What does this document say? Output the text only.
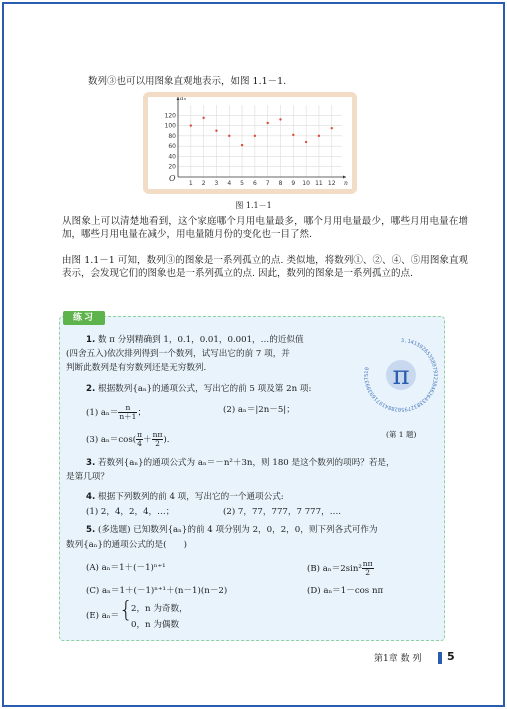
数列③也可以用图象直观地表示，如图 1.1－1.
1 2 3 4 5 6 7 8 9 10 11 12
20
40
60
80
100
120
n
aₙ
O
图 1.1－1
从图象上可以清楚地看到，这个家庭哪个月用电量最多，哪个月用电量最少，哪些月用电量在增加，哪些月用电量在减少，用电量随月份的变化也一目了然.
由图 1.1－1 可知，数列③的图象是一系列孤立的点. 类似地，将数列①、②、④、⑤用图象直观表示，会发现它们的图象也是一系列孤立的点. 因此，数列的图象是一系列孤立的点.
练习
1. 数 π 分别精确到 1，0.1，0.01，0.001，…的近似值
(四舍五入)依次排列得到一个数列，试写出它的前 7 项，并
判断此数列是有穷数列还是无穷数列.
3.14159265358979323846264338327950288419716939937510 π
(第 1 题)
2. 根据数列{aₙ}的通项公式，写出它的前 5 项及第 2n 项:
(1) $a_n= \frac{n}{n+1}$ ；	(2) aₙ＝|2n－5|；
(3) $a_n=\cos( \frac{\pi}{4} + \frac{n\pi}{2}$ ).
3. 若数列{aₙ}的通项公式为 aₙ＝－n²＋3n，则 180 是这个数列的项吗？若是，
是第几项？
4. 根据下列数列的前 4 项，写出它的一个通项公式:
(1) 2，4，2，4，…；	(2) 7，77，777，7 777，….
5. (多选题) 已知数列{aₙ}的前 4 项分别为 2，0，2，0，则下列各式可作为
数列{aₙ}的通项公式的是(　　)
(A) aₙ＝1＋(－1)ⁿ⁺¹	(B) $a_n=2\sin^2 \frac{n\pi}{2}$
(C) aₙ＝1＋(－1)ⁿ⁺¹＋(n－1)(n－2)	(D) aₙ＝1－cos nπ
(E) aₙ＝ {
2，n 为奇数，
0，n 为偶数
第1章 数 列 5
